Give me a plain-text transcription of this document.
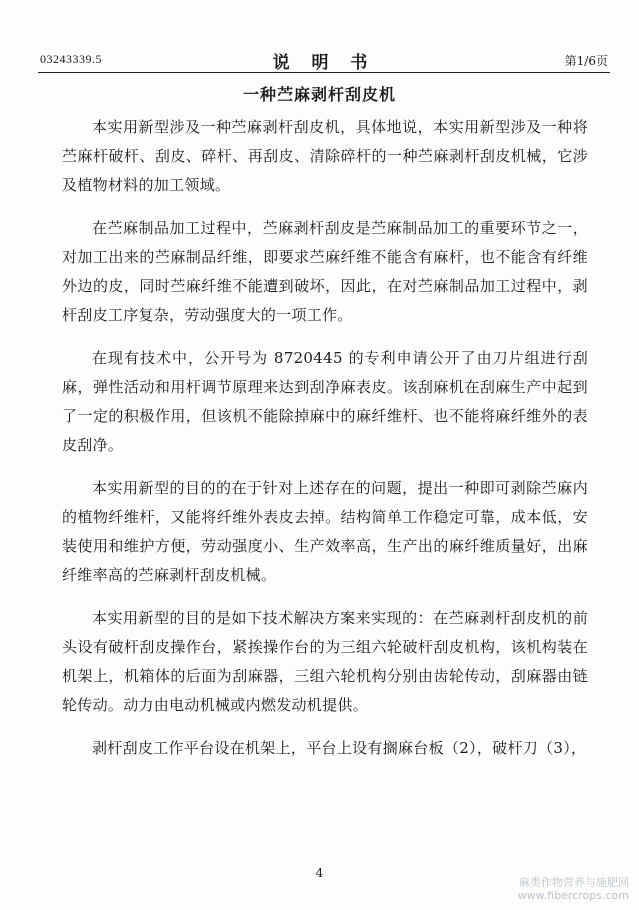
03243339.5	说 明 书	第1/6页
一种苎麻剥杆刮皮机

本实用新型涉及一种苎麻剥杆刮皮机，具体地说，本实用新型涉及一种将苎麻杆破杆、刮皮、碎杆、再刮皮、清除碎杆的一种苎麻剥杆刮皮机械，它涉及植物材料的加工领域。

在苎麻制品加工过程中，苎麻剥杆刮皮是苎麻制品加工的重要环节之一，对加工出来的苎麻制品纤维，即要求苎麻纤维不能含有麻杆，也不能含有纤维外边的皮，同时苎麻纤维不能遭到破坏，因此，在对苎麻制品加工过程中，剥杆刮皮工序复杂，劳动强度大的一项工作。

在现有技术中，公开号为 8720445 的专利申请公开了由刀片组进行刮麻，弹性活动和用杆调节原理来达到刮净麻表皮。该刮麻机在刮麻生产中起到了一定的积极作用，但该机不能除掉麻中的麻纤维杆、也不能将麻纤维外的表皮刮净。

本实用新型的目的的在于针对上述存在的问题，提出一种即可剥除苎麻内的植物纤维杆，又能将纤维外表皮去掉。结构简单工作稳定可靠，成本低，安装使用和维护方便，劳动强度小、生产效率高，生产出的麻纤维质量好，出麻纤维率高的苎麻剥杆刮皮机械。

本实用新型的目的是如下技术解决方案来实现的：在苎麻剥杆刮皮机的前头设有破杆刮皮操作台，紧挨操作台的为三组六轮破杆刮皮机构，该机构装在机架上，机箱体的后面为刮麻器，三组六轮机构分别由齿轮传动，刮麻器由链轮传动。动力由电动机械或内燃发动机提供。

剥杆刮皮工作平台设在机架上，平台上设有搁麻台板（2），破杆刀（3），

4
麻类作物营养与施肥网
www.fibercrops.com
